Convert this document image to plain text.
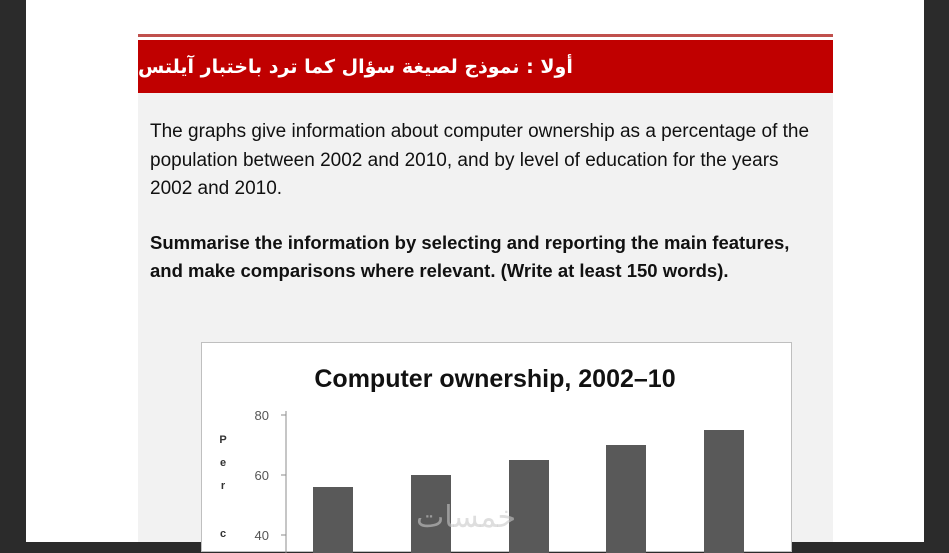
أولا : نموذج لصيغة سؤال كما ترد باختبار آيلتس
The graphs give information about computer ownership as a percentage of the population between 2002 and 2010, and by level of education for the years 2002 and 2010.
Summarise the information by selecting and reporting the main features, and make comparisons where relevant. (Write at least 150 words).
Computer ownership, 2002–10
80
60
40
P
e
r
c	خمسات
